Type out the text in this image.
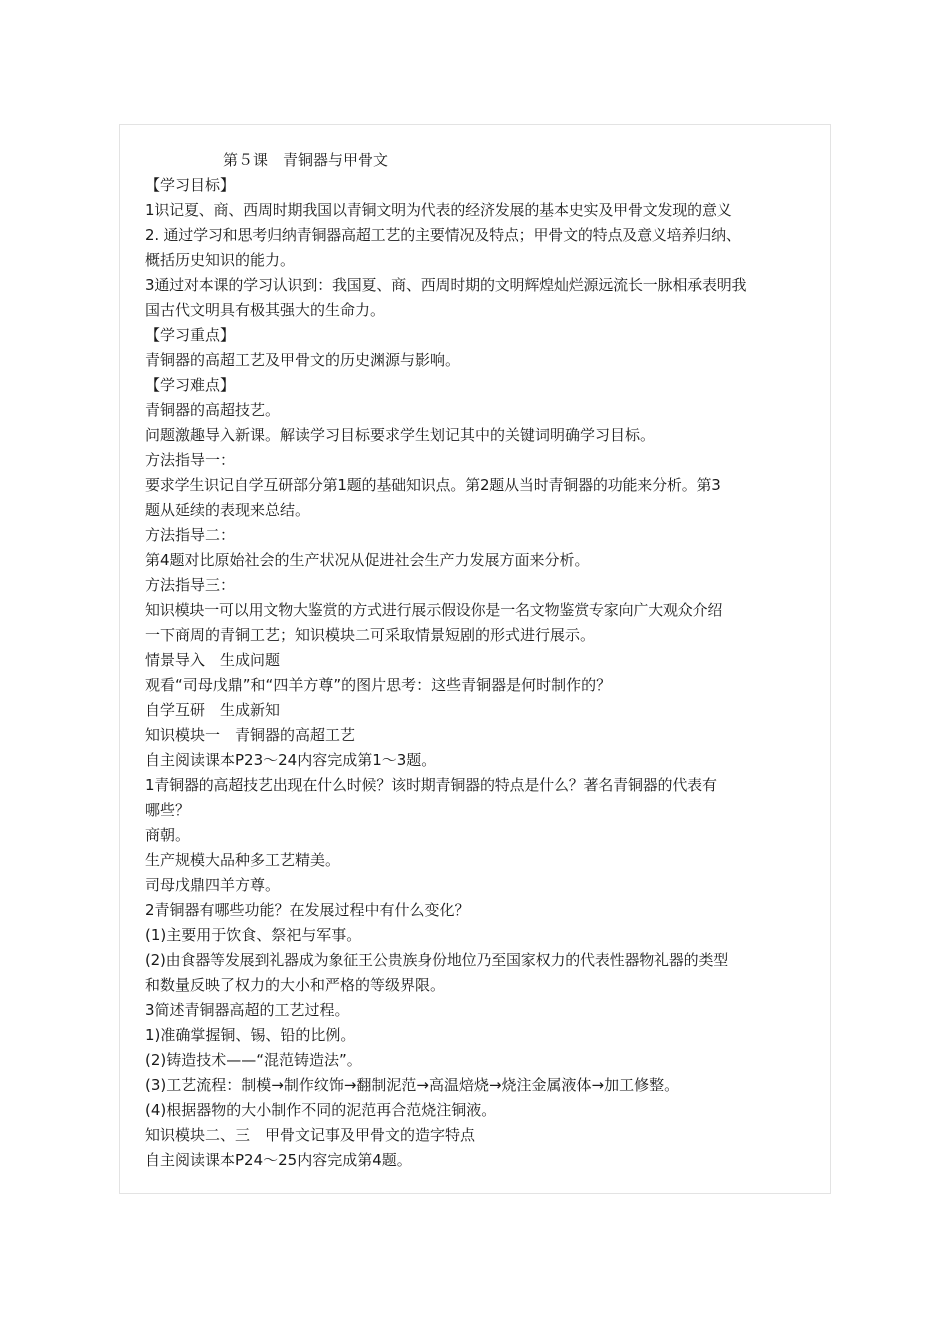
第５课　青铜器与甲骨文
【学习目标】
1识记夏、商、西周时期我国以青铜文明为代表的经济发展的基本史实及甲骨文发现的意义
2. 通过学习和思考归纳青铜器高超工艺的主要情况及特点；甲骨文的特点及意义培养归纳、
概括历史知识的能力。
3通过对本课的学习认识到：我国夏、商、西周时期的文明辉煌灿烂源远流长一脉相承表明我
国古代文明具有极其强大的生命力。
【学习重点】
青铜器的高超工艺及甲骨文的历史渊源与影响。
【学习难点】
青铜器的高超技艺。
问题激趣导入新课。解读学习目标要求学生划记其中的关键词明确学习目标。
方法指导一：
要求学生识记自学互研部分第1题的基础知识点。第2题从当时青铜器的功能来分析。第3
题从延续的表现来总结。
方法指导二：
第4题对比原始社会的生产状况从促进社会生产力发展方面来分析。
方法指导三：
知识模块一可以用文物大鉴赏的方式进行展示假设你是一名文物鉴赏专家向广大观众介绍
一下商周的青铜工艺；知识模块二可采取情景短剧的形式进行展示。
情景导入　生成问题
观看“司母戊鼎”和“四羊方尊”的图片思考：这些青铜器是何时制作的？
自学互研　生成新知
知识模块一　青铜器的高超工艺
自主阅读课本P23～24内容完成第1～3题。
1青铜器的高超技艺出现在什么时候？该时期青铜器的特点是什么？著名青铜器的代表有
哪些？
商朝。
生产规模大品种多工艺精美。
司母戊鼎四羊方尊。
2青铜器有哪些功能？在发展过程中有什么变化？
(1)主要用于饮食、祭祀与军事。
(2)由食器等发展到礼器成为象征王公贵族身份地位乃至国家权力的代表性器物礼器的类型
和数量反映了权力的大小和严格的等级界限。
3简述青铜器高超的工艺过程。
1)准确掌握铜、锡、铅的比例。
(2)铸造技术——“混范铸造法”。
(3)工艺流程：制模→制作纹饰→翻制泥范→高温焙烧→烧注金属液体→加工修整。
(4)根据器物的大小制作不同的泥范再合范烧注铜液。
知识模块二、三　甲骨文记事及甲骨文的造字特点
自主阅读课本P24～25内容完成第4题。
